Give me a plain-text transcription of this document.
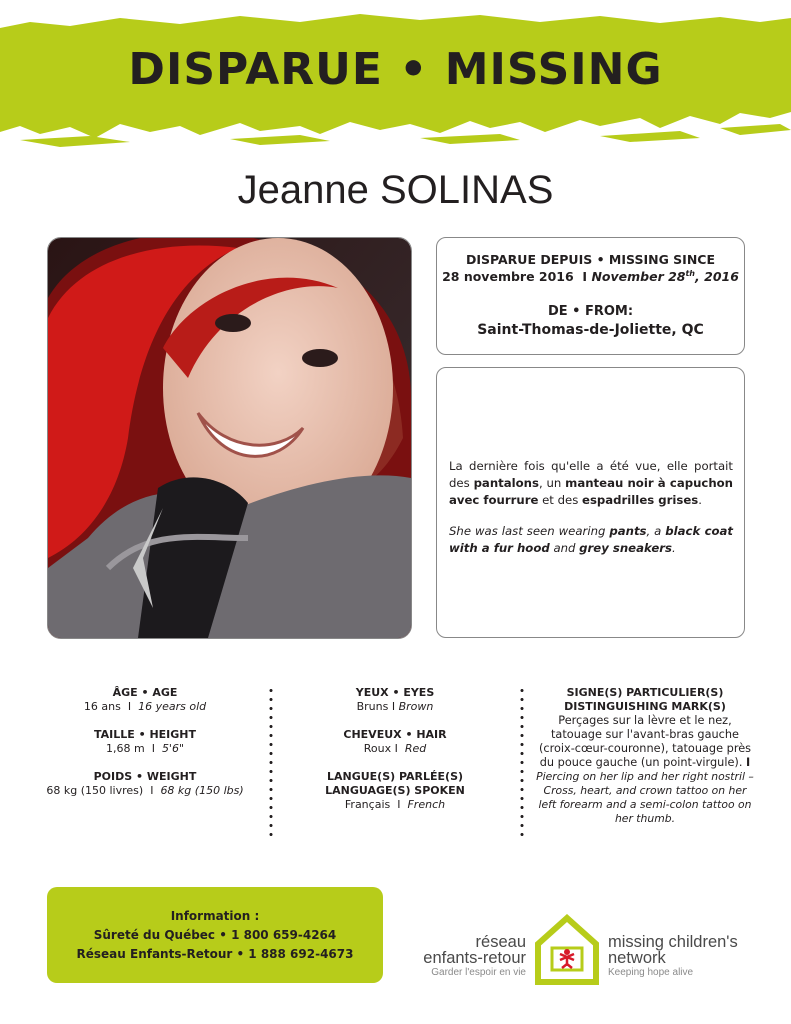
DISPARUE • MISSING
Jeanne SOLINAS
DISPARUE DEPUIS • MISSING SINCE
28 novembre 2016 I November 28th, 2016
DE • FROM:
Saint-Thomas-de-Joliette, QC

La dernière fois qu'elle a été vue, elle portait des pantalons, un manteau noir à capuchon avec fourrure et des espadrilles grises.

She was last seen wearing pants, a black coat with a fur hood and grey sneakers.

ÂGE • AGE
16 ans I 16 years old
TAILLE • HEIGHT
1,68 m I 5'6"
POIDS • WEIGHT
68 kg (150 livres) I 68 kg (150 lbs)
YEUX • EYES
Bruns I Brown
CHEVEUX • HAIR
Roux I Red
LANGUE(S) PARLÉE(S)
LANGUAGE(S) SPOKEN
Français I French
SIGNE(S) PARTICULIER(S)
DISTINGUISHING MARK(S)
Perçages sur la lèvre et le nez, tatouage sur l'avant-bras gauche (croix-cœur-couronne), tatouage près du pouce gauche (un point-virgule). I
Piercing on her lip and her right nostril – Cross, heart, and crown tattoo on her left forearm and a semi-colon tattoo on her thumb.
Information :
Sûreté du Québec • 1 800 659-4264
Réseau Enfants-Retour • 1 888 692-4673
réseau
enfants-retour
Garder l'espoir en vie
missing children's
network
Keeping hope alive
